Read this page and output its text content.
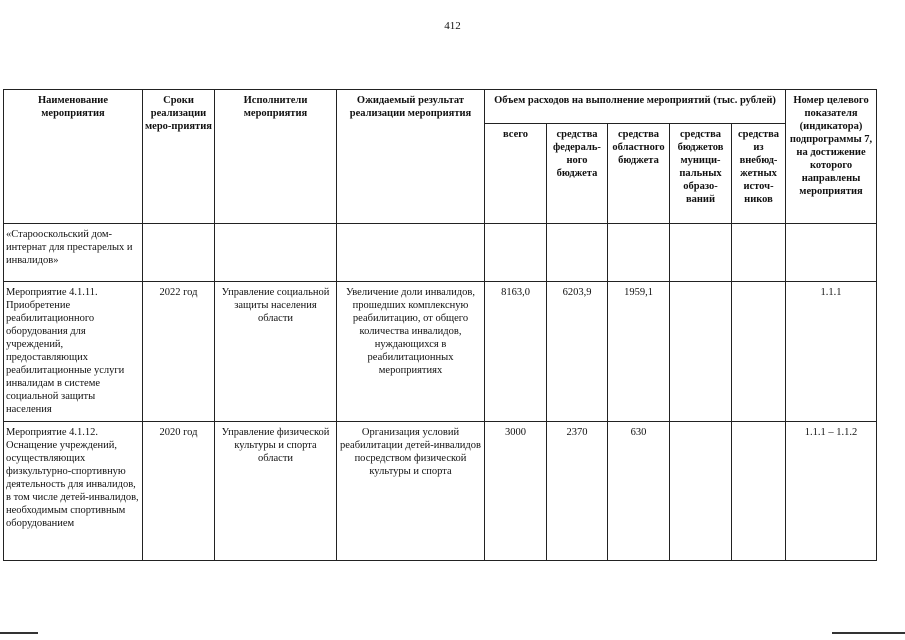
412
Наименование мероприятия	Сроки реализации меро-приятия	Исполнители мероприятия	Ожидаемый результат реализации мероприятия	Объем расходов на выполнение мероприятий (тыс. рублей)					Номер целевого показателя (индикатора) подпрограммы 7, на достижение которого направлены мероприятия
				всего	средства федераль-ного бюджета	средства областного бюджета	средства бюджетов муници-пальных образо-ваний	средства из внебюд-жетных источ-ников	
«Старооскольский дом-интернат для престарелых и инвалидов»									
Мероприятие 4.1.11. Приобретение реабилитационного оборудования для учреждений, предоставляющих реабилитационные услуги инвалидам в системе социальной защиты населения	2022 год	Управление социальной защиты населения области	Увеличение доли инвалидов, прошедших комплексную реабилитацию, от общего количества инвалидов, нуждающихся в реабилитационных мероприятиях	8163,0	6203,9	1959,1			1.1.1
Мероприятие 4.1.12. Оснащение учреждений, осуществляющих физкультурно-спортивную деятельность для инвалидов, в том числе детей-инвалидов, необходимым спортивным оборудованием	2020 год	Управление физической культуры и спорта области	Организация условий реабилитации детей-инвалидов посредством физической культуры и спорта	3000	2370	630			1.1.1 – 1.1.2
